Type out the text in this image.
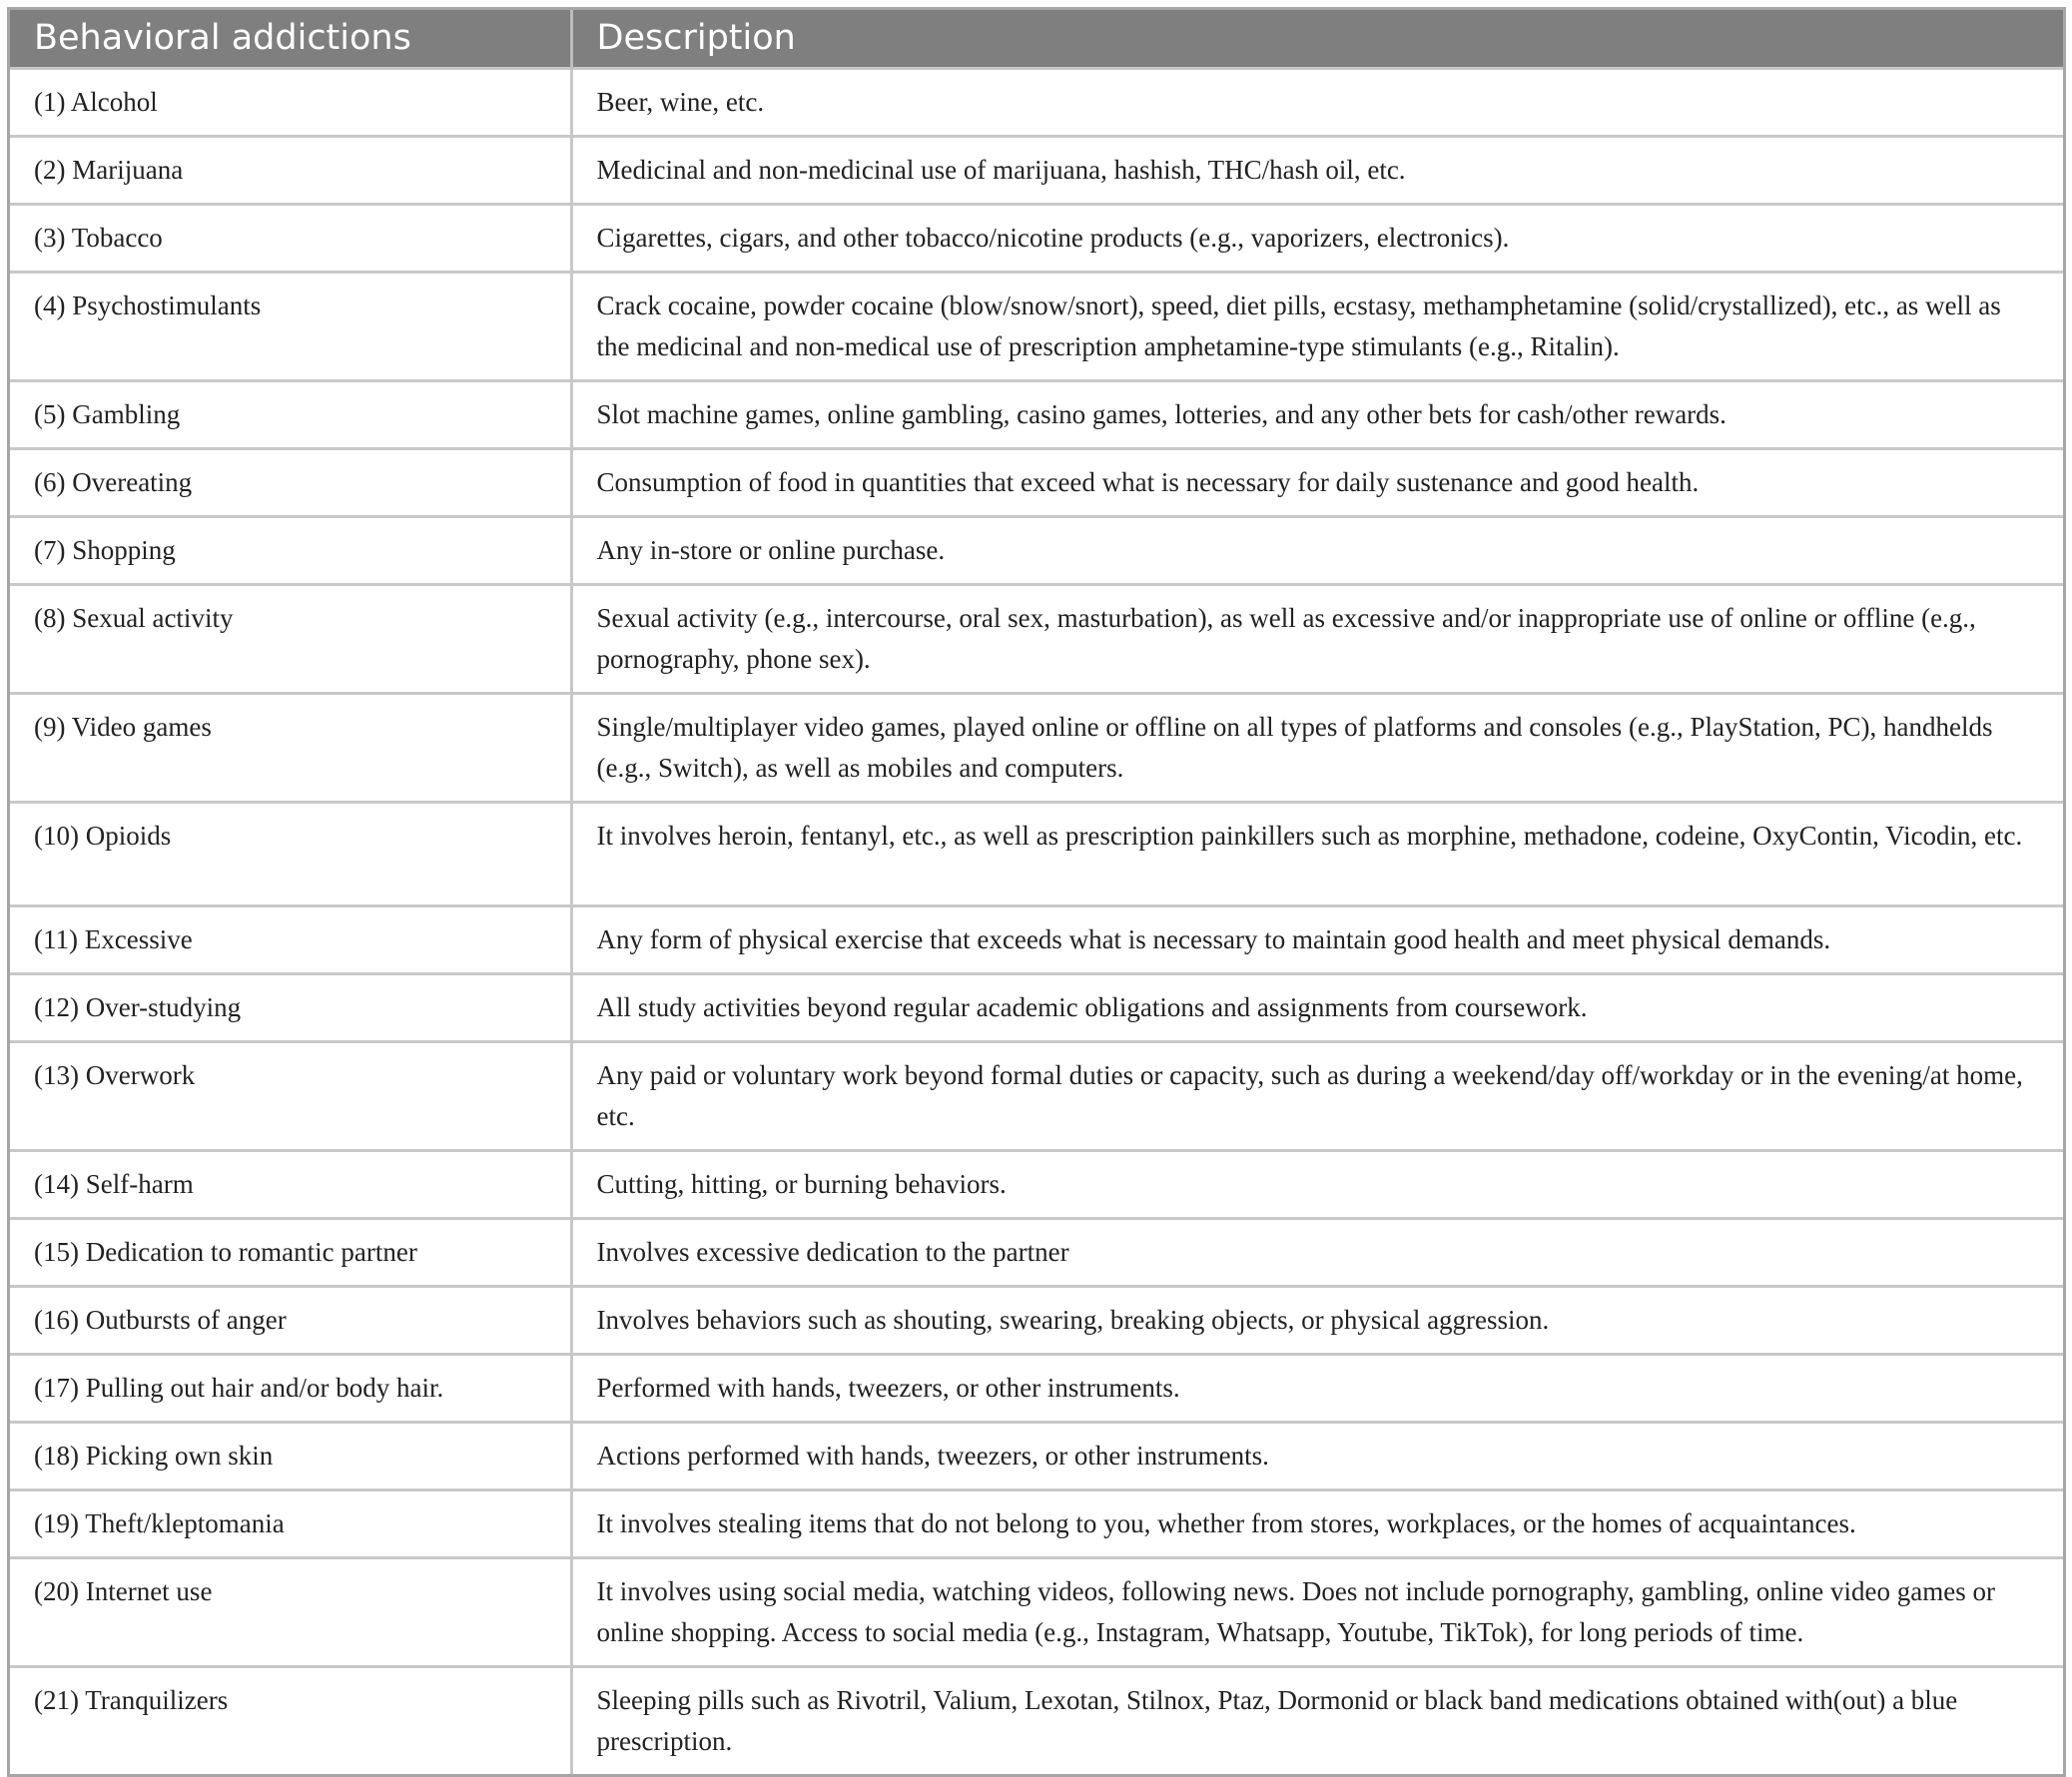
Behavioral addictions	Description
(1) Alcohol	Beer, wine, etc.
(2) Marijuana	Medicinal and non-medicinal use of marijuana, hashish, THC/hash oil, etc.
(3) Tobacco	Cigarettes, cigars, and other tobacco/nicotine products (e.g., vaporizers, electronics).
(4) Psychostimulants	Crack cocaine, powder cocaine (blow/snow/snort), speed, diet pills, ecstasy, methamphetamine (solid/crystallized), etc., as well as the medicinal and non-medical use of prescription amphetamine-type stimulants (e.g., Ritalin).
(5) Gambling	Slot machine games, online gambling, casino games, lotteries, and any other bets for cash/other rewards.
(6) Overeating	Consumption of food in quantities that exceed what is necessary for daily sustenance and good health.
(7) Shopping	Any in-store or online purchase.
(8) Sexual activity	Sexual activity (e.g., intercourse, oral sex, masturbation), as well as excessive and/or inappropriate use of online or offline (e.g., pornography, phone sex).
(9) Video games	Single/multiplayer video games, played online or offline on all types of platforms and consoles (e.g., PlayStation, PC), handhelds (e.g., Switch), as well as mobiles and computers.
(10) Opioids	It involves heroin, fentanyl, etc., as well as prescription painkillers such as morphine, methadone, codeine, OxyContin, Vicodin, etc.
(11) Excessive	Any form of physical exercise that exceeds what is necessary to maintain good health and meet physical demands.
(12) Over-studying	All study activities beyond regular academic obligations and assignments from coursework.
(13) Overwork	Any paid or voluntary work beyond formal duties or capacity, such as during a weekend/day off/workday or in the evening/at home, etc.
(14) Self-harm	Cutting, hitting, or burning behaviors.
(15) Dedication to romantic partner	Involves excessive dedication to the partner
(16) Outbursts of anger	Involves behaviors such as shouting, swearing, breaking objects, or physical aggression.
(17) Pulling out hair and/or body hair.	Performed with hands, tweezers, or other instruments.
(18) Picking own skin	Actions performed with hands, tweezers, or other instruments.
(19) Theft/kleptomania	It involves stealing items that do not belong to you, whether from stores, workplaces, or the homes of acquaintances.
(20) Internet use	It involves using social media, watching videos, following news. Does not include pornography, gambling, online video games or online shopping. Access to social media (e.g., Instagram, Whatsapp, Youtube, TikTok), for long periods of time.
(21) Tranquilizers	Sleeping pills such as Rivotril, Valium, Lexotan, Stilnox, Ptaz, Dormonid or black band medications obtained with(out) a blue prescription.
